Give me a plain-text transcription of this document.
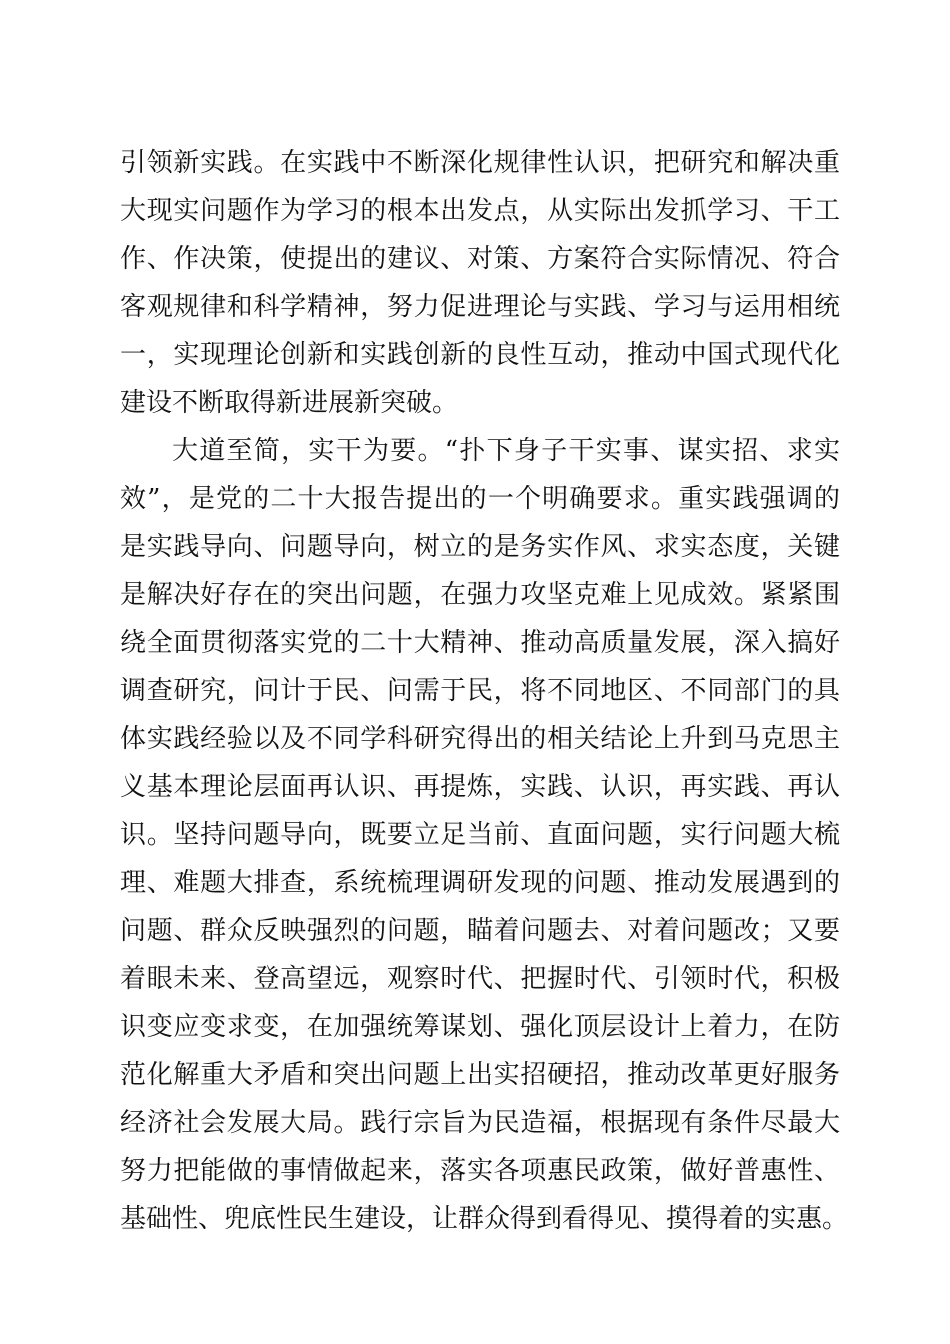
引领新实践。在实践中不断深化规律性认识，把研究和解决重
大现实问题作为学习的根本出发点，从实际出发抓学习、干工
作、作决策，使提出的建议、对策、方案符合实际情况、符合
客观规律和科学精神，努力促进理论与实践、学习与运用相统
一，实现理论创新和实践创新的良性互动，推动中国式现代化
建设不断取得新进展新突破。
大道至简，实干为要。“扑下身子干实事、谋实招、求实
效”，是党的二十大报告提出的一个明确要求。重实践强调的
是实践导向、问题导向，树立的是务实作风、求实态度，关键
是解决好存在的突出问题，在强力攻坚克难上见成效。紧紧围
绕全面贯彻落实党的二十大精神、推动高质量发展，深入搞好
调查研究，问计于民、问需于民，将不同地区、不同部门的具
体实践经验以及不同学科研究得出的相关结论上升到马克思主
义基本理论层面再认识、再提炼，实践、认识，再实践、再认
识。坚持问题导向，既要立足当前、直面问题，实行问题大梳
理、难题大排查，系统梳理调研发现的问题、推动发展遇到的
问题、群众反映强烈的问题，瞄着问题去、对着问题改；又要
着眼未来、登高望远，观察时代、把握时代、引领时代，积极
识变应变求变，在加强统筹谋划、强化顶层设计上着力，在防
范化解重大矛盾和突出问题上出实招硬招，推动改革更好服务
经济社会发展大局。践行宗旨为民造福，根据现有条件尽最大
努力把能做的事情做起来，落实各项惠民政策，做好普惠性、
基础性、兜底性民生建设，让群众得到看得见、摸得着的实惠。
